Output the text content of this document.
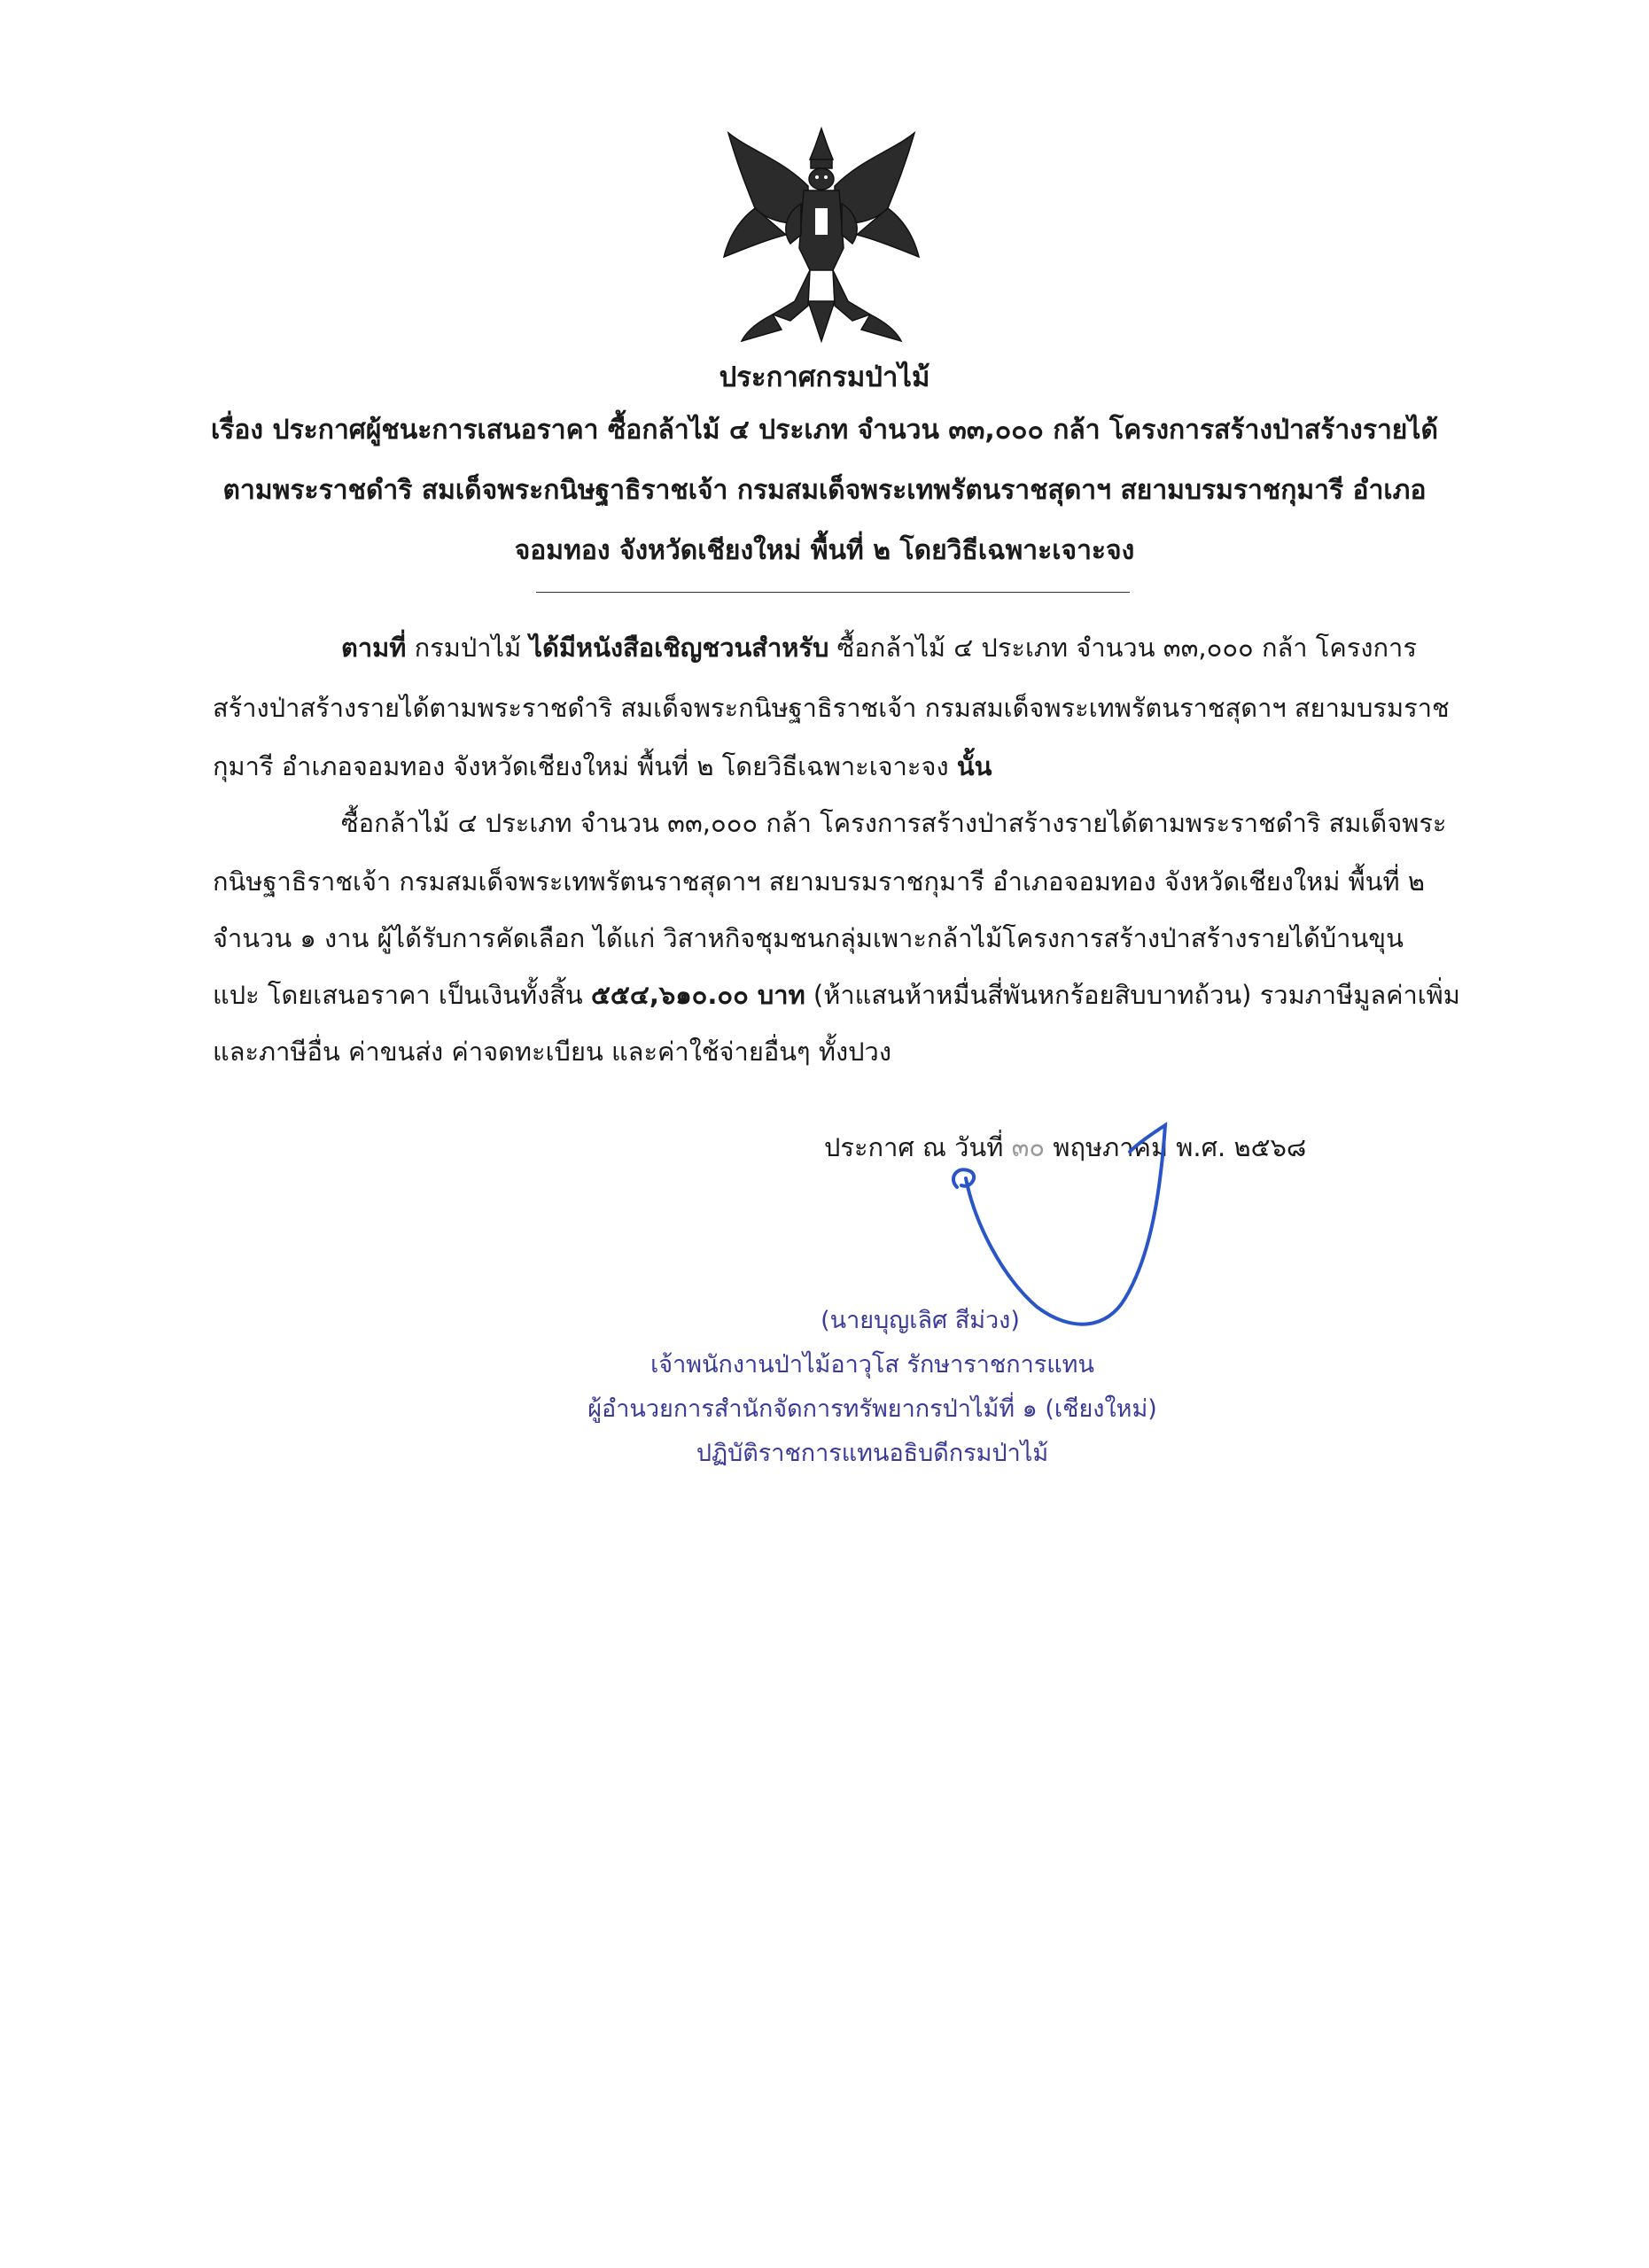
ประกาศกรมป่าไม้
เรื่อง ประกาศผู้ชนะการเสนอราคา ซื้อกล้าไม้ ๔ ประเภท จำนวน ๓๓,๐๐๐ กล้า โครงการสร้างป่าสร้างรายได้
ตามพระราชดำริ สมเด็จพระกนิษฐาธิราชเจ้า กรมสมเด็จพระเทพรัตนราชสุดาฯ สยามบรมราชกุมารี อำเภอ
จอมทอง จังหวัดเชียงใหม่ พื้นที่ ๒ โดยวิธีเฉพาะเจาะจง
ตามที่ กรมป่าไม้ ได้มีหนังสือเชิญชวนสำหรับ ซื้อกล้าไม้ ๔ ประเภท จำนวน ๓๓,๐๐๐ กล้า โครงการ
สร้างป่าสร้างรายได้ตามพระราชดำริ สมเด็จพระกนิษฐาธิราชเจ้า กรมสมเด็จพระเทพรัตนราชสุดาฯ สยามบรมราช
กุมารี อำเภอจอมทอง จังหวัดเชียงใหม่ พื้นที่ ๒ โดยวิธีเฉพาะเจาะจง นั้น
ซื้อกล้าไม้ ๔ ประเภท จำนวน ๓๓,๐๐๐ กล้า โครงการสร้างป่าสร้างรายได้ตามพระราชดำริ สมเด็จพระ
กนิษฐาธิราชเจ้า กรมสมเด็จพระเทพรัตนราชสุดาฯ สยามบรมราชกุมารี อำเภอจอมทอง จังหวัดเชียงใหม่ พื้นที่ ๒
จำนวน ๑ งาน ผู้ได้รับการคัดเลือก ได้แก่ วิสาหกิจชุมชนกลุ่มเพาะกล้าไม้โครงการสร้างป่าสร้างรายได้บ้านขุน
แปะ โดยเสนอราคา เป็นเงินทั้งสิ้น ๕๕๔,๖๑๐.๐๐ บาท (ห้าแสนห้าหมื่นสี่พันหกร้อยสิบบาทถ้วน) รวมภาษีมูลค่าเพิ่ม
และภาษีอื่น ค่าขนส่ง ค่าจดทะเบียน และค่าใช้จ่ายอื่นๆ ทั้งปวง
ประกาศ ณ วันที่ ๓๐ พฤษภาคม พ.ศ. ๒๕๖๘
(นายบุญเลิศ สีม่วง)
เจ้าพนักงานป่าไม้อาวุโส รักษาราชการแทน
ผู้อำนวยการสำนักจัดการทรัพยากรป่าไม้ที่ ๑ (เชียงใหม่)
ปฏิบัติราชการแทนอธิบดีกรมป่าไม้
